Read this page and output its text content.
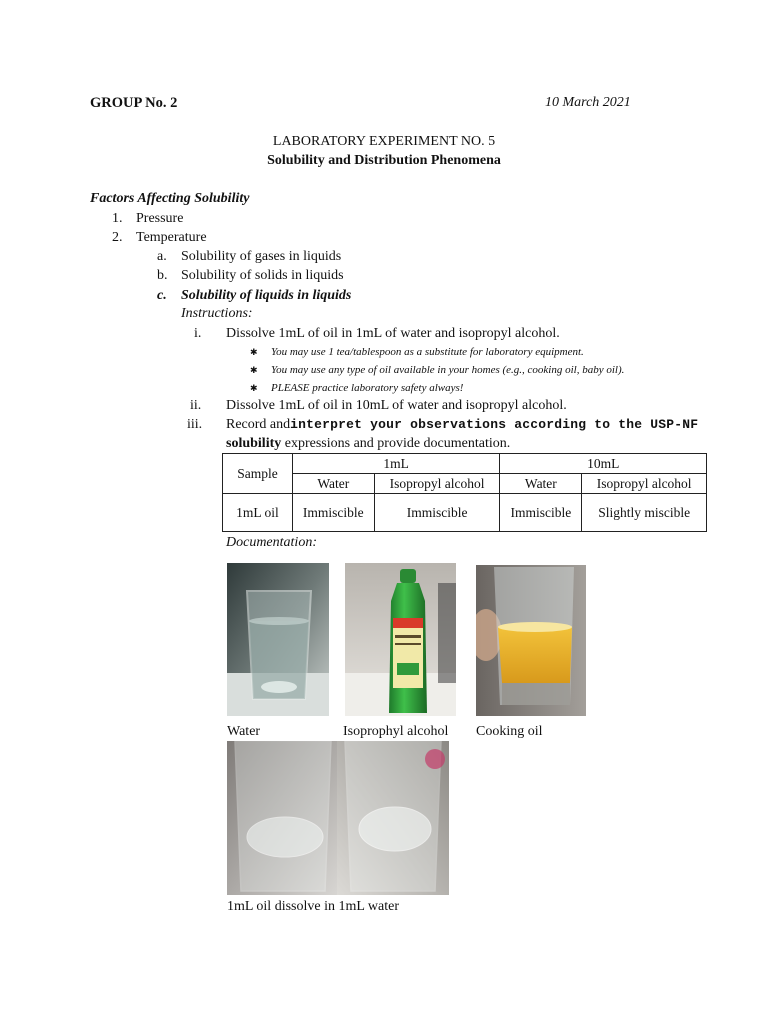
GROUP No. 2	10 March 2021
LABORATORY EXPERIMENT NO. 5
Solubility and Distribution Phenomena
Factors Affecting Solubility
1. Pressure
2. Temperature
a. Solubility of gases in liquids
b. Solubility of solids in liquids
c. Solubility of liquids in liquids
Instructions:
i. Dissolve 1mL of oil in 1mL of water and isopropyl alcohol.
✱ You may use 1 tea/tablespoon as a substitute for laboratory equipment.
✱ You may use any type of oil available in your homes (e.g., cooking oil, baby oil).
✱ PLEASE practice laboratory safety always!
ii. Dissolve 1mL of oil in 10mL of water and isopropyl alcohol.
iii. Record and interpret your observations according to the USP-NF
solubility expressions and provide documentation.
Sample	1mL		10mL	
	Water	Isopropyl alcohol	Water	Isopropyl alcohol
1mL oil	Immiscible	Immiscible	Immiscible	Slightly miscible
Documentation:
Water	Isoprophyl alcohol Cooking oil
1mL oil dissolve in 1mL water
